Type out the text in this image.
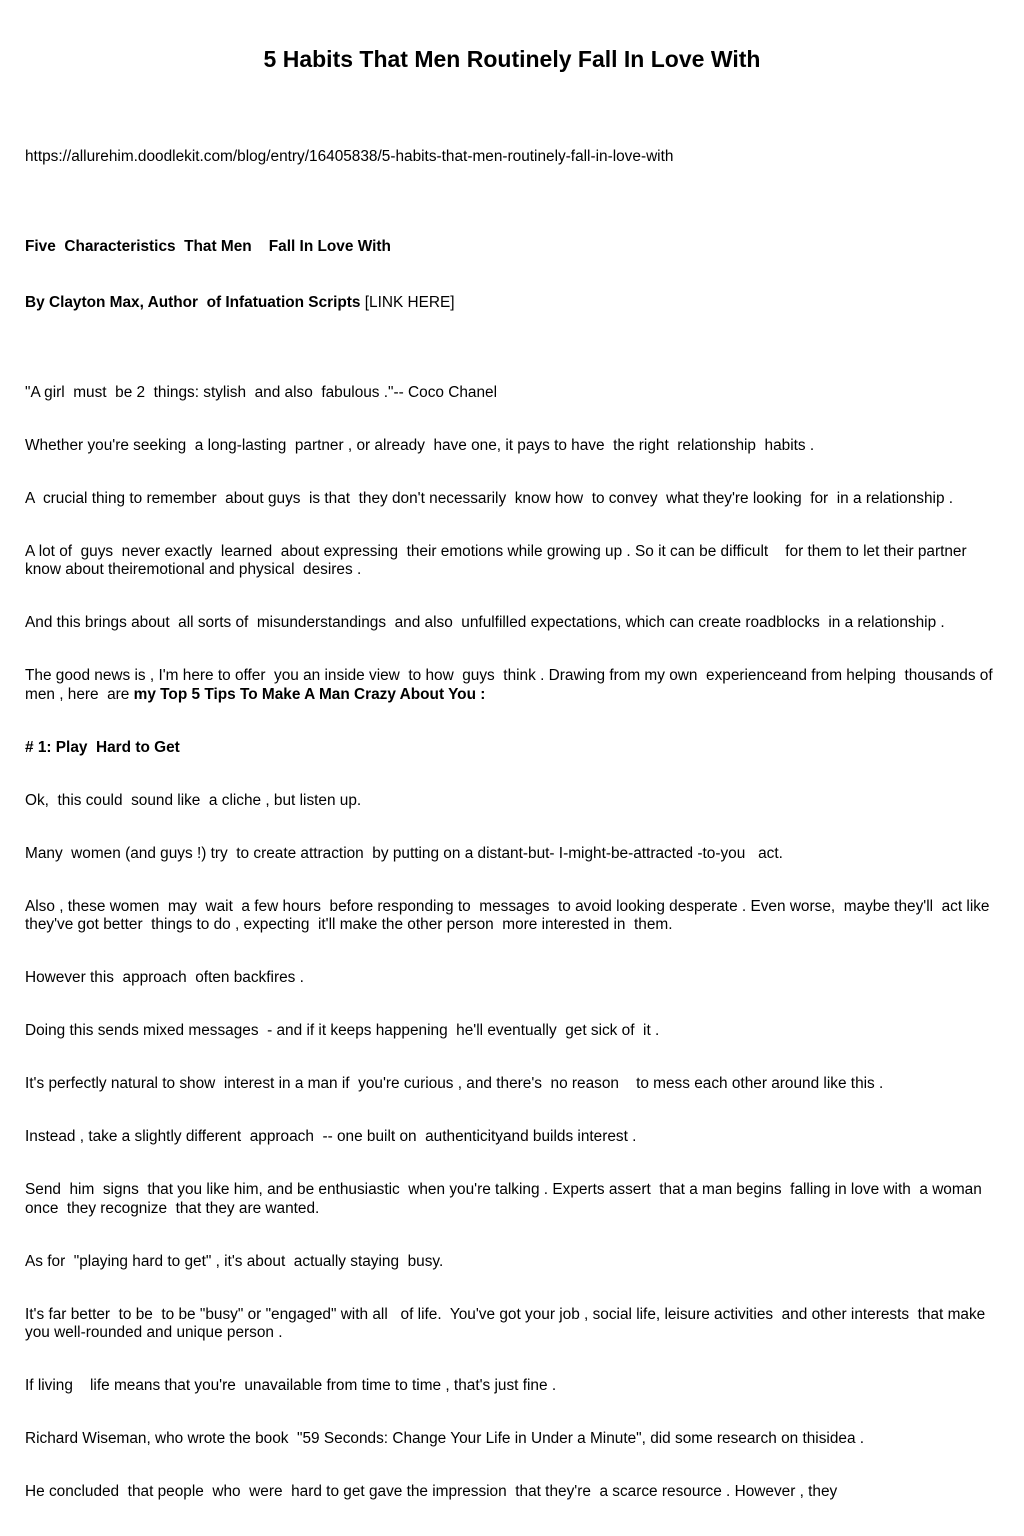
5 Habits That Men Routinely Fall In Love With
https://allurehim.doodlekit.com/blog/entry/16405838/5-habits-that-men-routinely-fall-in-love-with

Five  Characteristics  That Men    Fall In Love With

By Clayton Max, Author  of Infatuation Scripts [LINK HERE]

"A girl  must  be 2  things: stylish  and also  fabulous ."-- Coco Chanel
Whether you're seeking  a long-lasting  partner , or already  have one, it pays to have  the right  relationship  habits .
A  crucial thing to remember  about guys  is that  they don't necessarily  know how  to convey  what they're looking  for  in a relationship .
A lot of  guys  never exactly  learned  about expressing  their emotions while growing up . So it can be difficult    for them to let their partner know about theiremotional and physical  desires .
And this brings about  all sorts of  misunderstandings  and also  unfulfilled expectations, which can create roadblocks  in a relationship .
The good news is , I'm here to offer  you an inside view  to how  guys  think . Drawing from my own  experienceand from helping  thousands of men , here  are my Top 5 Tips To Make A Man Crazy About You :
# 1: Play  Hard to Get
Ok,  this could  sound like  a cliche , but listen up.
Many  women (and guys !) try  to create attraction  by putting on a distant-but- I-might-be-attracted -to-you   act.
Also , these women  may  wait  a few hours  before responding to  messages  to avoid looking desperate . Even worse,  maybe they'll  act like  they've got better  things to do , expecting  it'll make the other person  more interested in  them.
However this  approach  often backfires .
Doing this sends mixed messages  - and if it keeps happening  he'll eventually  get sick of  it .
It's perfectly natural to show  interest in a man if  you're curious , and there's  no reason    to mess each other around like this .
Instead , take a slightly different  approach  -- one built on  authenticityand builds interest .
Send  him  signs  that you like him, and be enthusiastic  when you're talking . Experts assert  that a man begins  falling in love with  a woman once  they recognize  that they are wanted.
As for  "playing hard to get" , it's about  actually staying  busy.
It's far better  to be  to be "busy" or "engaged" with all   of life.  You've got your job , social life, leisure activities  and other interests  that make you well-rounded and unique person .
If living    life means that you're  unavailable from time to time , that's just fine .
Richard Wiseman, who wrote the book  "59 Seconds: Change Your Life in Under a Minute", did some research on thisidea .
He concluded  that people  who  were  hard to get gave the impression  that they're  a scarce resource . However , they
